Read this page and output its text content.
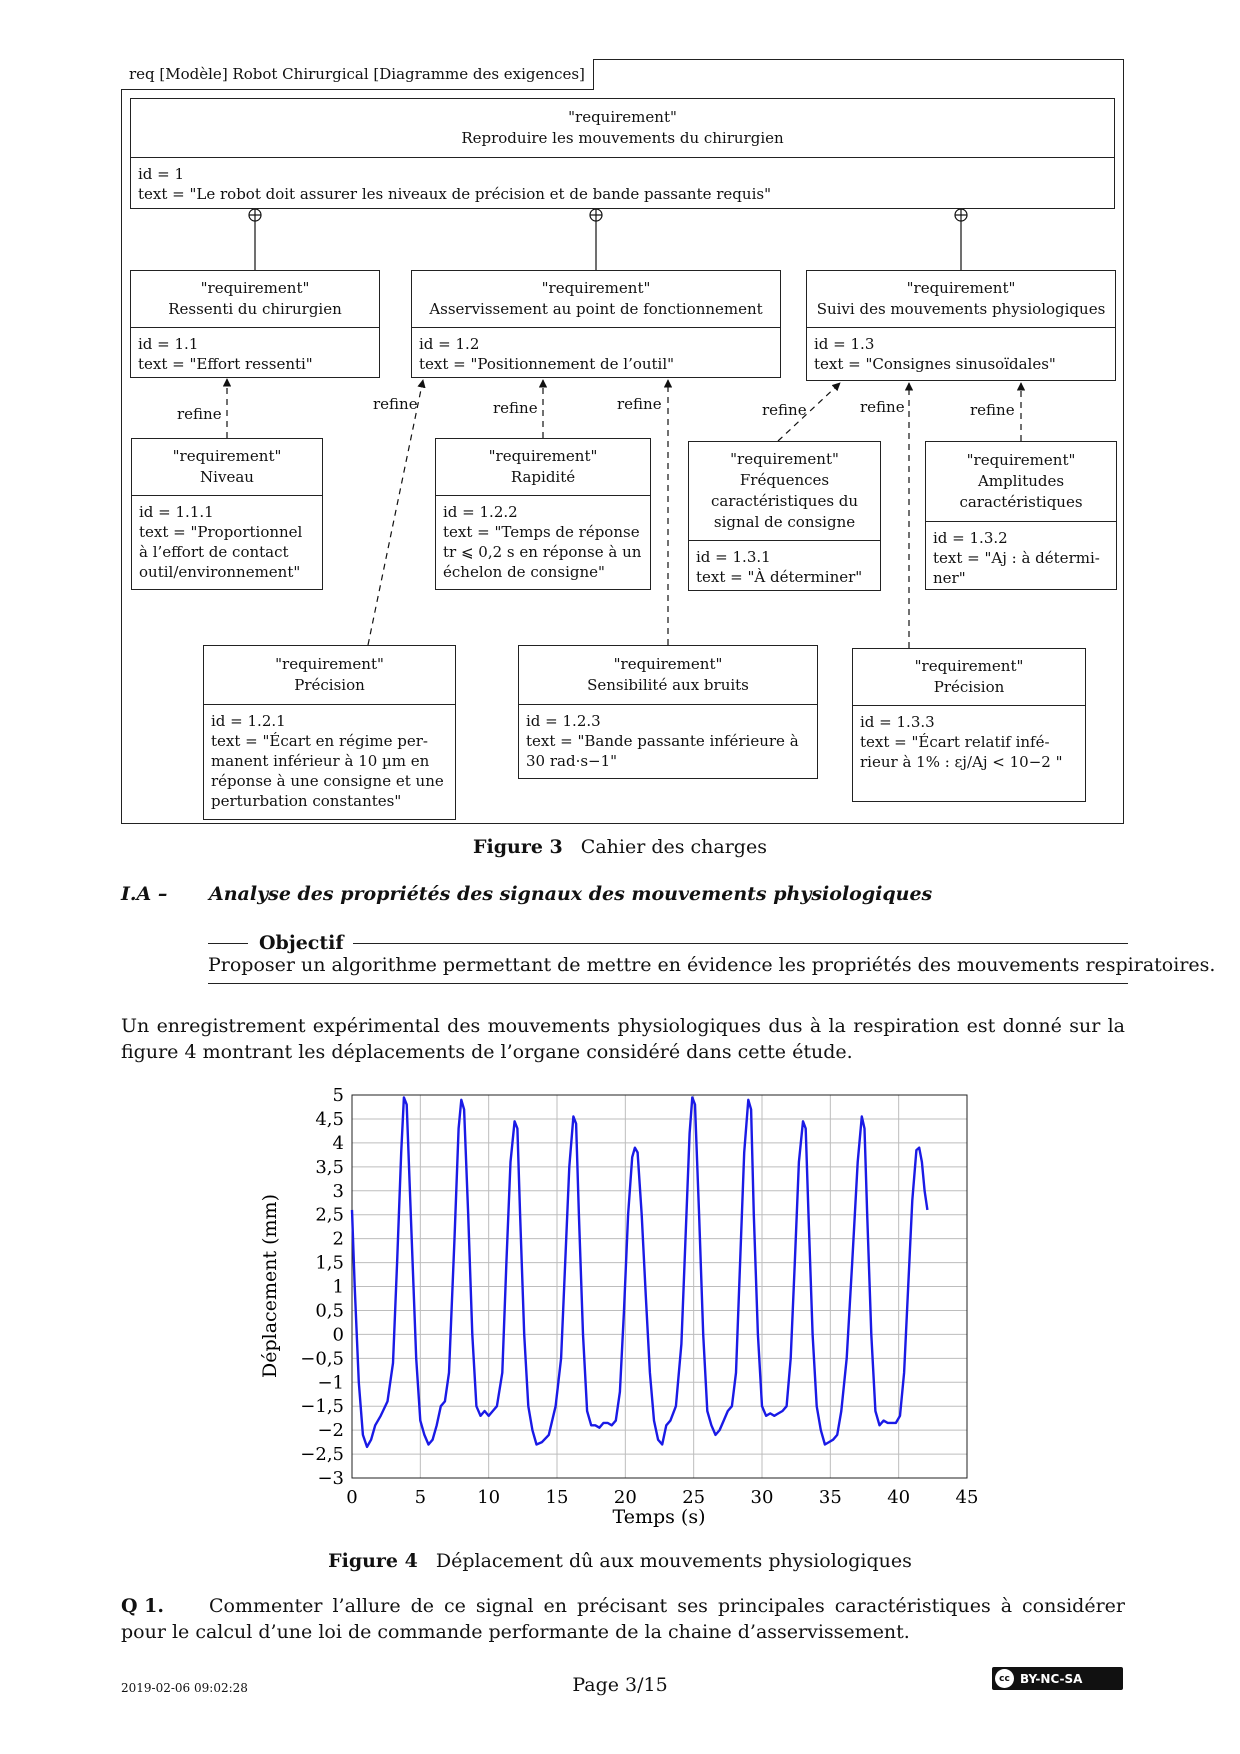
req [Modèle] Robot Chirurgical [Diagramme des exigences]
refine
refine	refine	refine	refine	refine	refine
"requirement"
Reproduire les mouvements du chirurgien
id = 1
text = "Le robot doit assurer les niveaux de précision et de bande passante requis"
"requirement"
Ressenti du chirurgien
id = 1.1
text = "Effort ressenti"
"requirement"
Asservissement au point de fonctionnement
id = 1.2
text = "Positionnement de l’outil"
"requirement"
Suivi des mouvements physiologiques
id = 1.3
text = "Consignes sinusoïdales"
"requirement"
Niveau
id = 1.1.1
text = "Proportionnel à l’effort de contact outil/environnement"
"requirement"
Rapidité
id = 1.2.2
text = "Temps de réponse tr ⩽ 0,2 s en réponse à un échelon de consigne"
"requirement"
Fréquences caractéristiques du signal de consigne
id = 1.3.1
text = "À déterminer"
"requirement"
Amplitudes caractéristiques
id = 1.3.2
text = "Aj : à détermi-ner"
"requirement"
Précision
id = 1.2.1
text = "Écart en régime per-manent inférieur à 10 µm en réponse à une consigne et une perturbation constantes"
"requirement"
Sensibilité aux bruits
id = 1.2.3
text = "Bande passante inférieure à 30 rad·s−1"
"requirement"
Précision
id = 1.3.3
text = "Écart relatif infé-rieur à 1% : εj/Aj < 10−2 "
Figure 3 Cahier des charges
I.A – Analyse des propriétés des signaux des mouvements physiologiques
Objectif
Proposer un algorithme permettant de mettre en évidence les propriétés des mouvements respiratoires.
Un enregistrement expérimental des mouvements physiologiques dus à la respiration est donné sur la figure 4 montrant les déplacements de l’organe considéré dans cette étude.
0	5	10	15	20	25	30	35	40	45
5
4,5
4
3,5
3
2,5
2
1,5
1
0,5
0
−0,5
−1
−1,5
−2
−2,5
−3
Temps (s)
Déplacement (mm)
Figure 4 Déplacement dû aux mouvements physiologiques
Q 1. Commenter l’allure de ce signal en précisant ses principales caractéristiques à considérer pour le calcul d’une loi de commande performante de la chaine d’asservissement.
2019-02-06 09:02:28	Page 3/15	cc BY-NC-SA
